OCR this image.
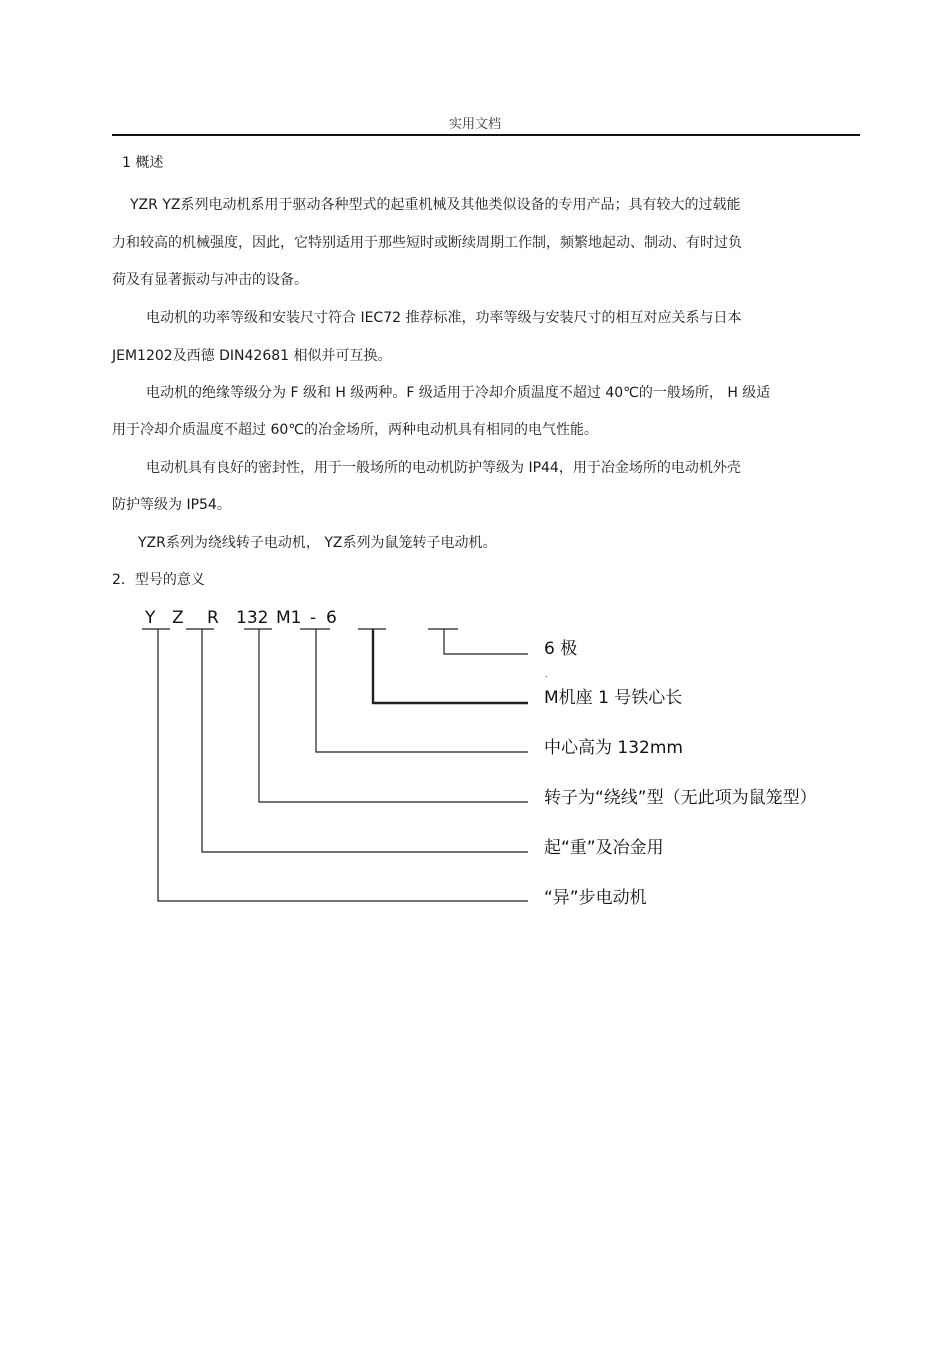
实用文档
1 概述
YZR YZ系列电动机系用于驱动各种型式的起重机械及其他类似设备的专用产品；具有较大的过载能
力和较高的机械强度，因此，它特别适用于那些短时或断续周期工作制，频繁地起动、制动、有时过负
荷及有显著振动与冲击的设备。
电动机的功率等级和安装尺寸符合 IEC72 推荐标准，功率等级与安装尺寸的相互对应关系与日本
JEM1202及西德 DIN42681 相似并可互换。
电动机的绝缘等级分为 F 级和 H 级两种。F 级适用于冷却介质温度不超过 40℃的一般场所， H 级适
用于冷却介质温度不超过 60℃的冶金场所，两种电动机具有相同的电气性能。
电动机具有良好的密封性，用于一般场所的电动机防护等级为 IP44，用于冶金场所的电动机外壳
防护等级为 IP54。
YZR系列为绕线转子电动机， YZ系列为鼠笼转子电动机。
2．型号的意义
Y Z R 132 M1 - 6
6 极
M机座 1 号铁心长
中心高为 132mm
转子为“绕线”型（无此项为鼠笼型）
起“重”及冶金用
“异”步电动机
.
